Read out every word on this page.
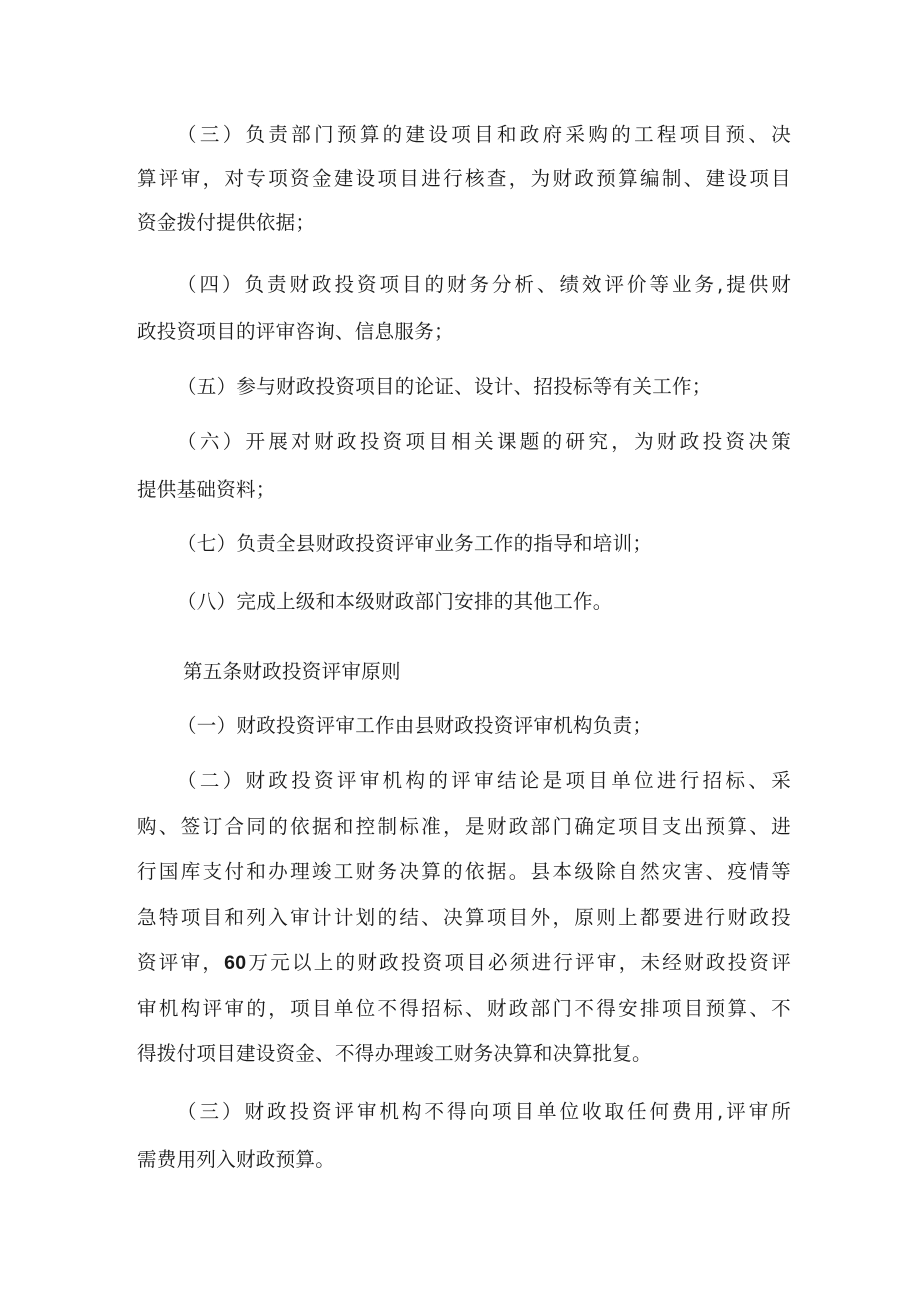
（三）负责部门预算的建设项目和政府采购的工程项目预、决
算评审，对专项资金建设项目进行核查，为财政预算编制、建设项目
资金拨付提供依据；
（四）负责财政投资项目的财务分析、绩效评价等业务,提供财
政投资项目的评审咨询、信息服务；
（五）参与财政投资项目的论证、设计、招投标等有关工作；
（六）开展对财政投资项目相关课题的研究，为财政投资决策
提供基础资料；
（七）负责全县财政投资评审业务工作的指导和培训；
（八）完成上级和本级财政部门安排的其他工作。
第五条财政投资评审原则
（一）财政投资评审工作由县财政投资评审机构负责；
（二）财政投资评审机构的评审结论是项目单位进行招标、采
购、签订合同的依据和控制标准，是财政部门确定项目支出预算、进
行国库支付和办理竣工财务决算的依据。县本级除自然灾害、疫情等
急特项目和列入审计计划的结、决算项目外，原则上都要进行财政投
资评审，60万元以上的财政投资项目必须进行评审，未经财政投资评
审机构评审的，项目单位不得招标、财政部门不得安排项目预算、不
得拨付项目建设资金、不得办理竣工财务决算和决算批复。
（三）财政投资评审机构不得向项目单位收取任何费用,评审所
需费用列入财政预算。
